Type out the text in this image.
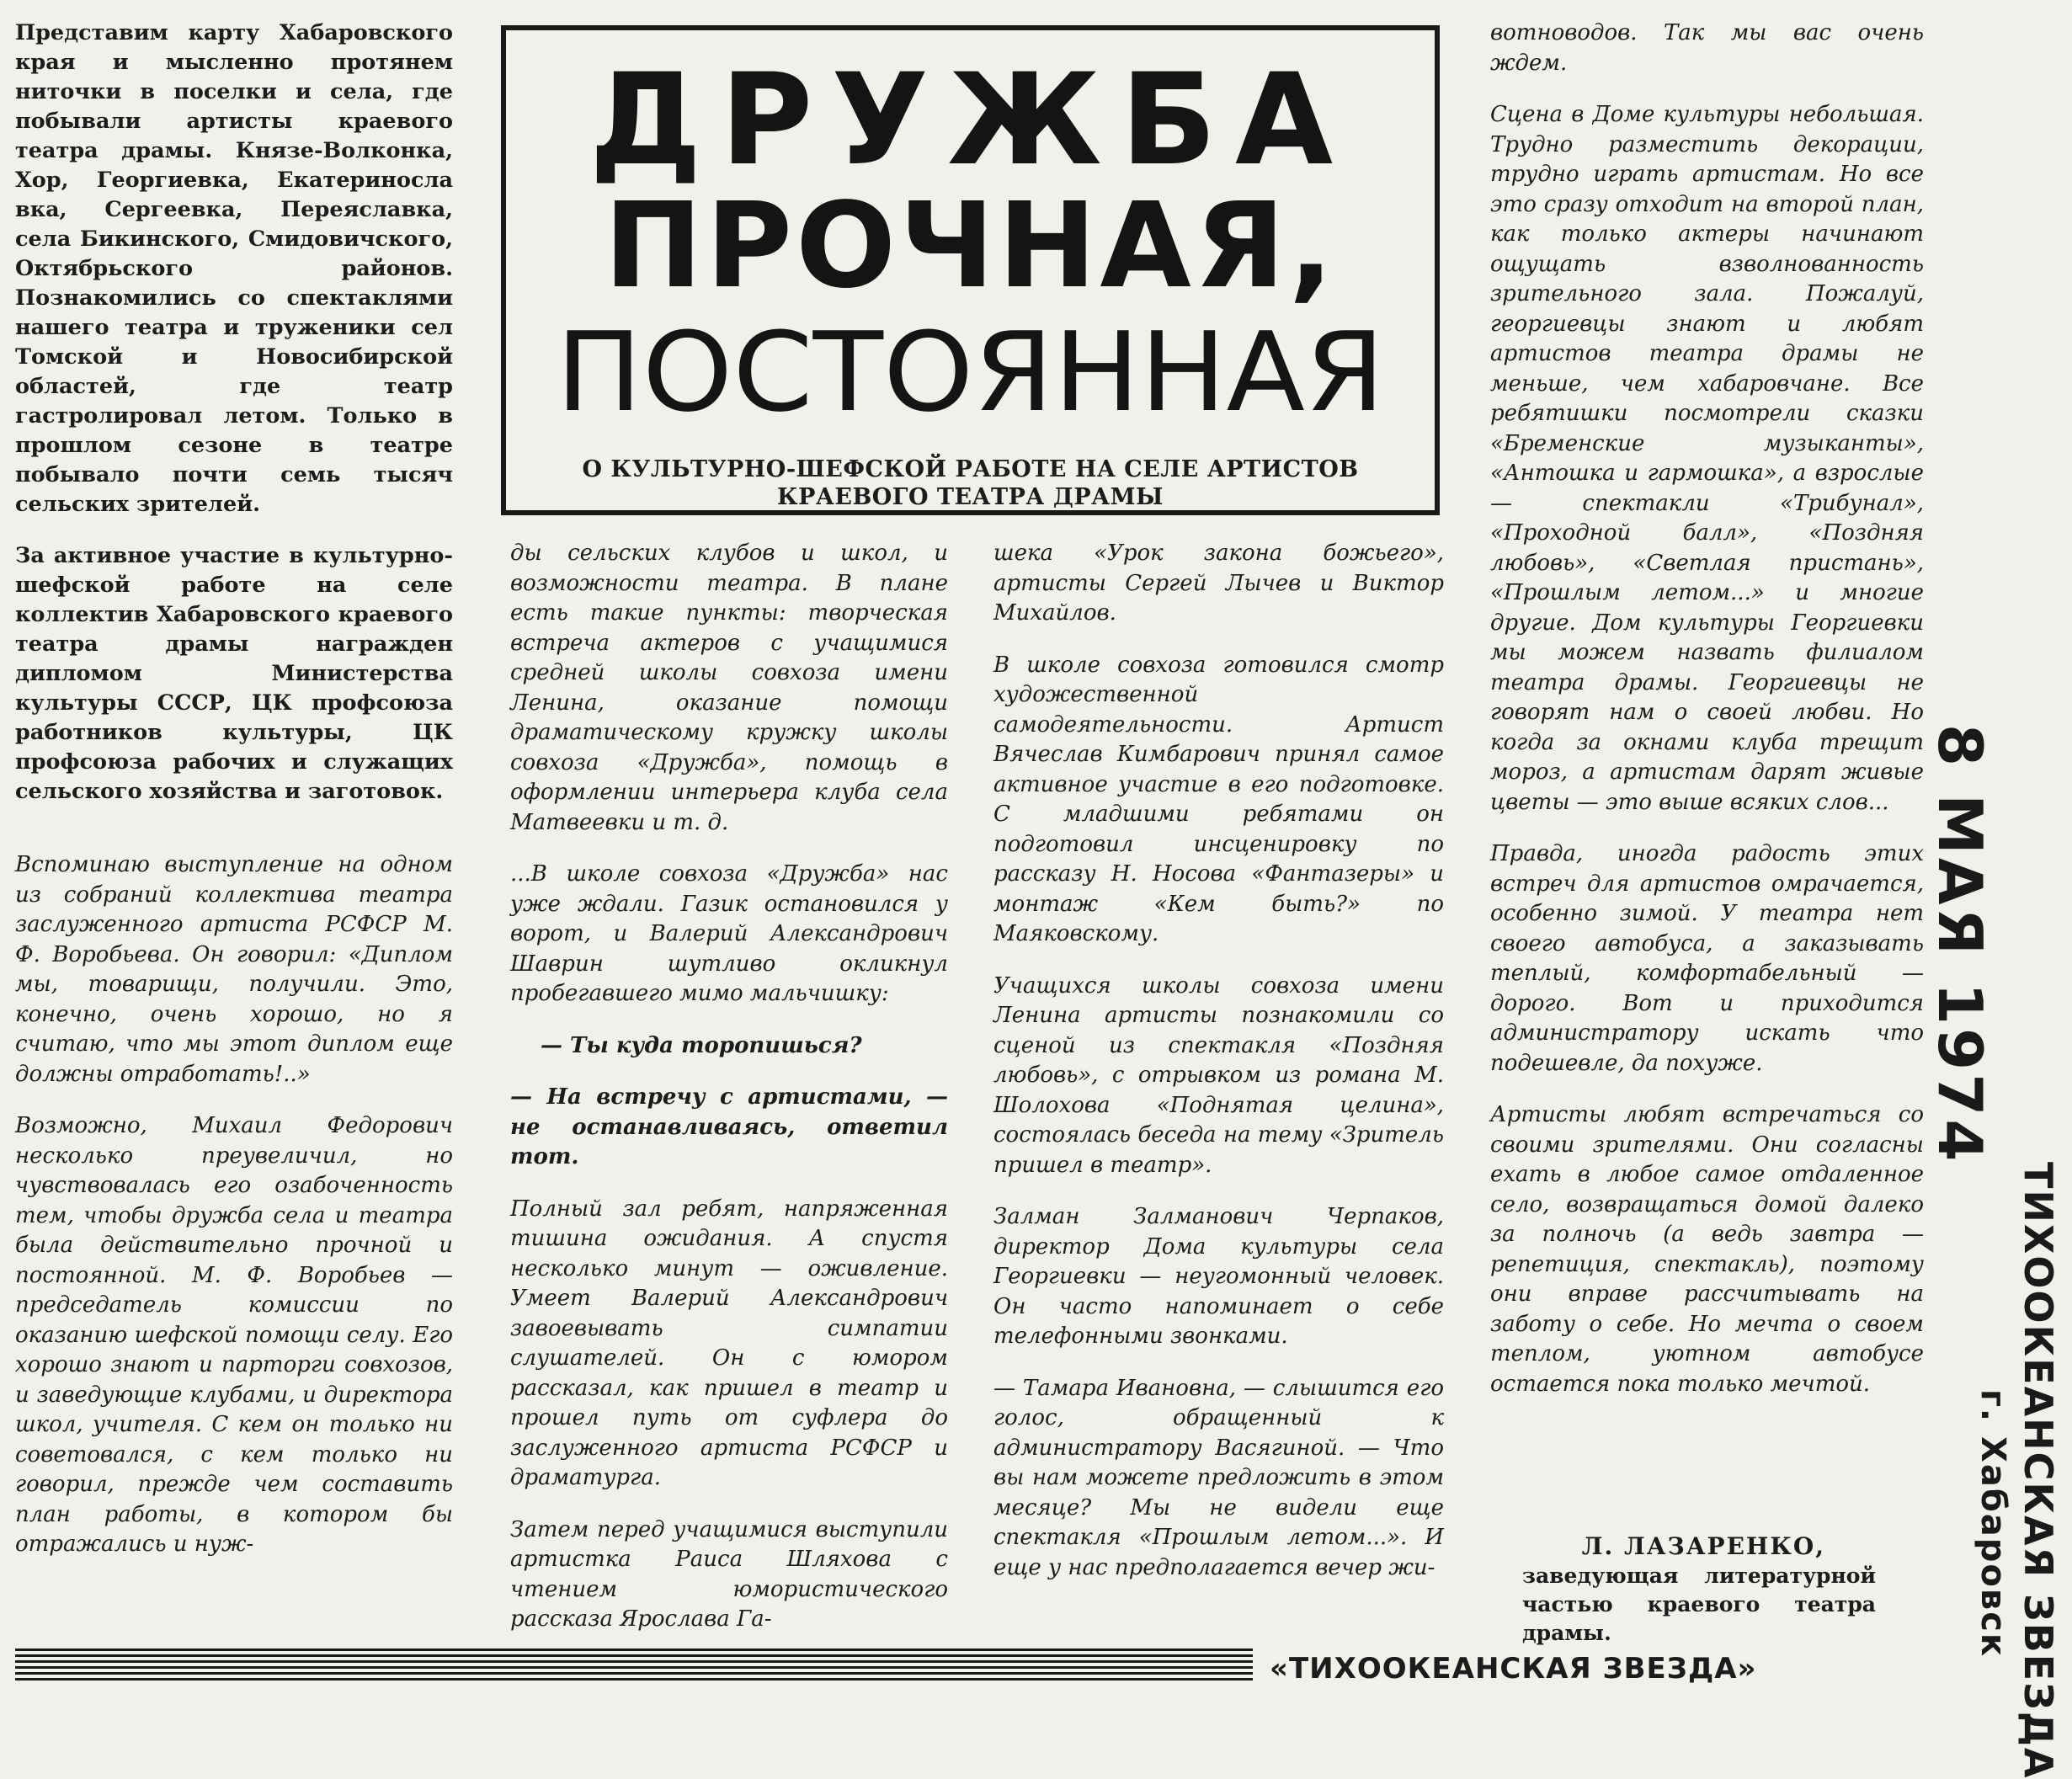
Представим карту Хабаровского края и мысленно протянем ниточки в поселки и села, где побывали артисты краевого театра драмы. Князе-Волконка, Хор, Георгиевка, Екатериносла вка, Сергеевка, Переяславка, села Бикинского, Смидовичского, Октябрьского районов. Познакомились со спектаклями нашего театра и труженики сел Томской и Новосибирской областей, где театр гастролировал летом. Только в прошлом сезоне в театре побывало почти семь тысяч сельских зрителей.

За активное участие в культурно-шефской работе на селе коллектив Хабаровского краевого театра драмы награжден дипломом Министерства культуры СССР, ЦК профсоюза работников культуры, ЦК профсоюза рабочих и служащих сельского хозяйства и заготовок.

Вспоминаю выступление на одном из собраний коллектива театра заслуженного артиста РСФСР М. Ф. Воробьева. Он говорил: «Диплом мы, товарищи, получили. Это, конечно, очень хорошо, но я считаю, что мы этот диплом еще должны отработать!..»

Возможно, Михаил Федорович несколько преувеличил, но чувствовалась его озабоченность тем, чтобы дружба села и театра была действительно прочной и постоянной. М. Ф. Воробьев — председатель комиссии по оказанию шефской помощи селу. Его хорошо знают и парторги совхозов, и заведующие клубами, и директора школ, учителя. С кем он только ни советовался, с кем только ни говорил, прежде чем составить план работы, в котором бы отражались и нуж-

ДРУЖБА
ПРОЧНАЯ,
ПОСТОЯННАЯ
О КУЛЬТУРНО-ШЕФСКОЙ РАБОТЕ НА СЕЛЕ АРТИСТОВ
КРАЕВОГО ТЕАТРА ДРАМЫ

ды сельских клубов и школ, и возможности театра. В плане есть такие пункты: творческая встреча актеров с учащимися средней школы совхоза имени Ленина, оказание помощи драматическому кружку школы совхоза «Дружба», помощь в оформлении интерьера клуба села Матвеевки и т. д.

...В школе совхоза «Дружба» нас уже ждали. Газик остановился у ворот, и Валерий Александрович Шаврин шутливо окликнул пробегавшего мимо мальчишку:

— Ты куда торопишься?

— На встречу с артистами, — не останавливаясь, ответил тот.

Полный зал ребят, напряженная тишина ожидания. А спустя несколько минут — оживление. Умеет Валерий Александрович завоевывать симпатии слушателей. Он с юмором рассказал, как пришел в театр и прошел путь от суфлера до заслуженного артиста РСФСР и драматурга.

Затем перед учащимися выступили артистка Раиса Шляхова с чтением юмористического рассказа Ярослава Га-

шека «Урок закона божьего», артисты Сергей Лычев и Виктор Михайлов.

В школе совхоза готовился смотр художественной самодеятельности. Артист Вячеслав Кимбарович принял самое активное участие в его подготовке. С младшими ребятами он подготовил инсценировку по рассказу Н. Носова «Фантазеры» и монтаж «Кем быть?» по Маяковскому.

Учащихся школы совхоза имени Ленина артисты познакомили со сценой из спектакля «Поздняя любовь», с отрывком из романа М. Шолохова «Поднятая целина», состоялась беседа на тему «Зритель пришел в театр».

Залман Залманович Черпаков, директор Дома культуры села Георгиевки — неугомонный человек. Он часто напоминает о себе телефонными звонками.

— Тамара Ивановна, — слышится его голос, обращенный к администратору Васягиной. — Что вы нам можете предложить в этом месяце? Мы не видели еще спектакля «Прошлым летом...». И еще у нас предполагается вечер жи-

вотноводов. Так мы вас очень ждем.

Сцена в Доме культуры небольшая. Трудно разместить декорации, трудно играть артистам. Но все это сразу отходит на второй план, как только актеры начинают ощущать взволнованность зрительного зала. Пожалуй, георгиевцы знают и любят артистов театра драмы не меньше, чем хабаровчане. Все ребятишки посмотрели сказки «Бременские музыканты», «Антошка и гармошка», а взрослые — спектакли «Трибунал», «Проходной балл», «Поздняя любовь», «Светлая пристань», «Прошлым летом...» и многие другие. Дом культуры Георгиевки мы можем назвать филиалом театра драмы. Георгиевцы не говорят нам о своей любви. Но когда за окнами клуба трещит мороз, а артистам дарят живые цветы — это выше всяких слов...

Правда, иногда радость этих встреч для артистов омрачается, особенно зимой. У театра нет своего автобуса, а заказывать теплый, комфортабельный — дорого. Вот и приходится администратору искать что подешевле, да похуже.

Артисты любят встречаться со своими зрителями. Они согласны ехать в любое самое отдаленное село, возвращаться домой далеко за полночь (а ведь завтра — репетиция, спектакль), поэтому они вправе рассчитывать на заботу о себе. Но мечта о своем теплом, уютном автобусе остается пока только мечтой.

Л. ЛАЗАРЕНКО,
заведующая литературной частью краевого театра драмы.
«ТИХООКЕАНСКАЯ ЗВЕЗДА»
8 МАЯ 1974
ТИХООКЕАНСКАЯ ЗВЕЗДА
г. Хабаровск
